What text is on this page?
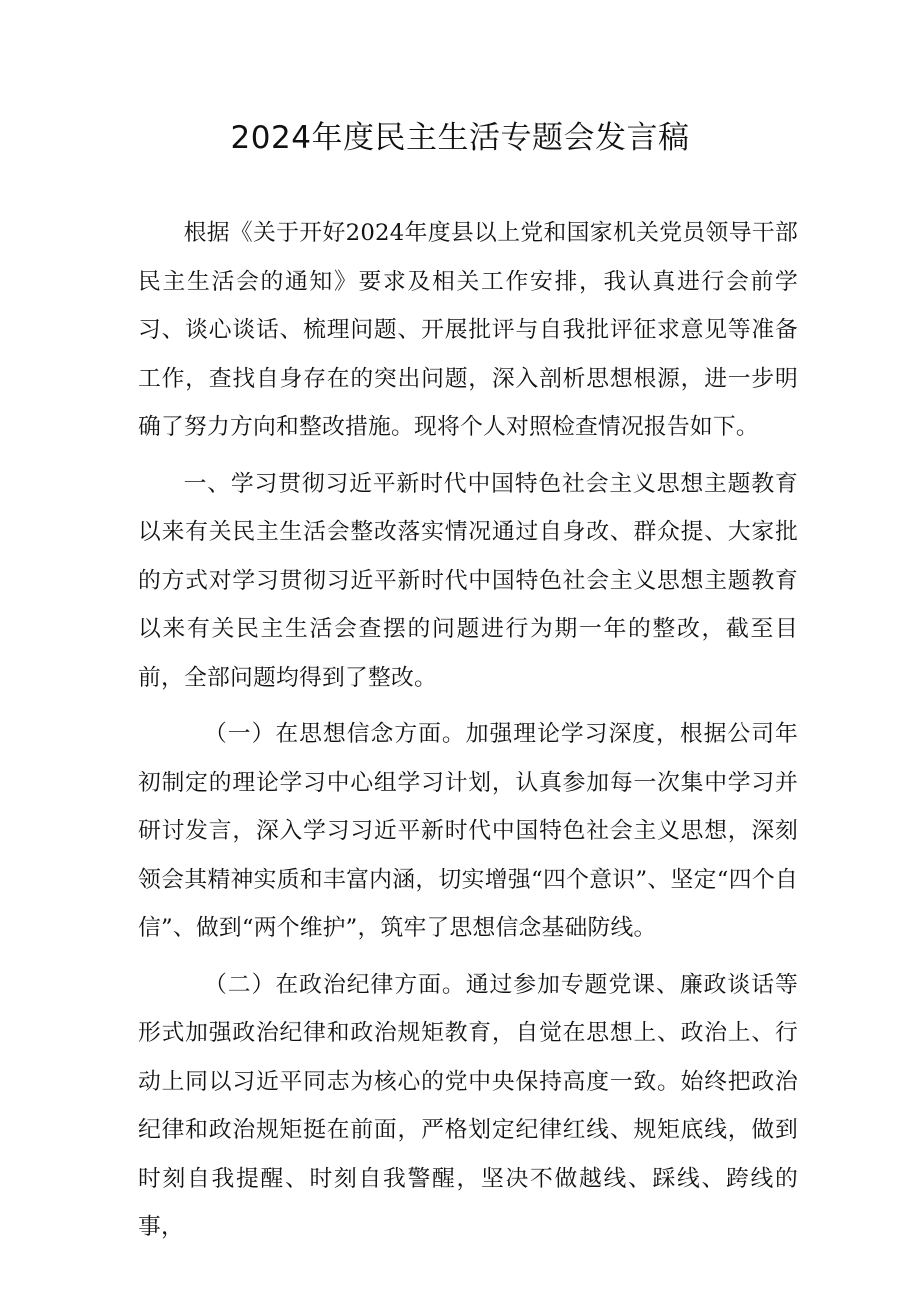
2024年度民主生活专题会发言稿

根据《关于开好2024年度县以上党和国家机关党员领导干部民主生活会的通知》要求及相关工作安排，我认真进行会前学习、谈心谈话、梳理问题、开展批评与自我批评征求意见等准备工作，查找自身存在的突出问题，深入剖析思想根源，进一步明确了努力方向和整改措施。现将个人对照检查情况报告如下。

一、学习贯彻习近平新时代中国特色社会主义思想主题教育以来有关民主生活会整改落实情况通过自身改、群众提、大家批的方式对学习贯彻习近平新时代中国特色社会主义思想主题教育以来有关民主生活会查摆的问题进行为期一年的整改，截至目前，全部问题均得到了整改。

（一）在思想信念方面。加强理论学习深度，根据公司年初制定的理论学习中心组学习计划，认真参加每一次集中学习并研讨发言，深入学习习近平新时代中国特色社会主义思想，深刻领会其精神实质和丰富内涵，切实增强“四个意识”、坚定“四个自信”、做到“两个维护”，筑牢了思想信念基础防线。

（二）在政治纪律方面。通过参加专题党课、廉政谈话等形式加强政治纪律和政治规矩教育，自觉在思想上、政治上、行动上同以习近平同志为核心的党中央保持高度一致。始终把政治纪律和政治规矩挺在前面，严格划定纪律红线、规矩底线，做到时刻自我提醒、时刻自我警醒，坚决不做越线、踩线、跨线的事，
